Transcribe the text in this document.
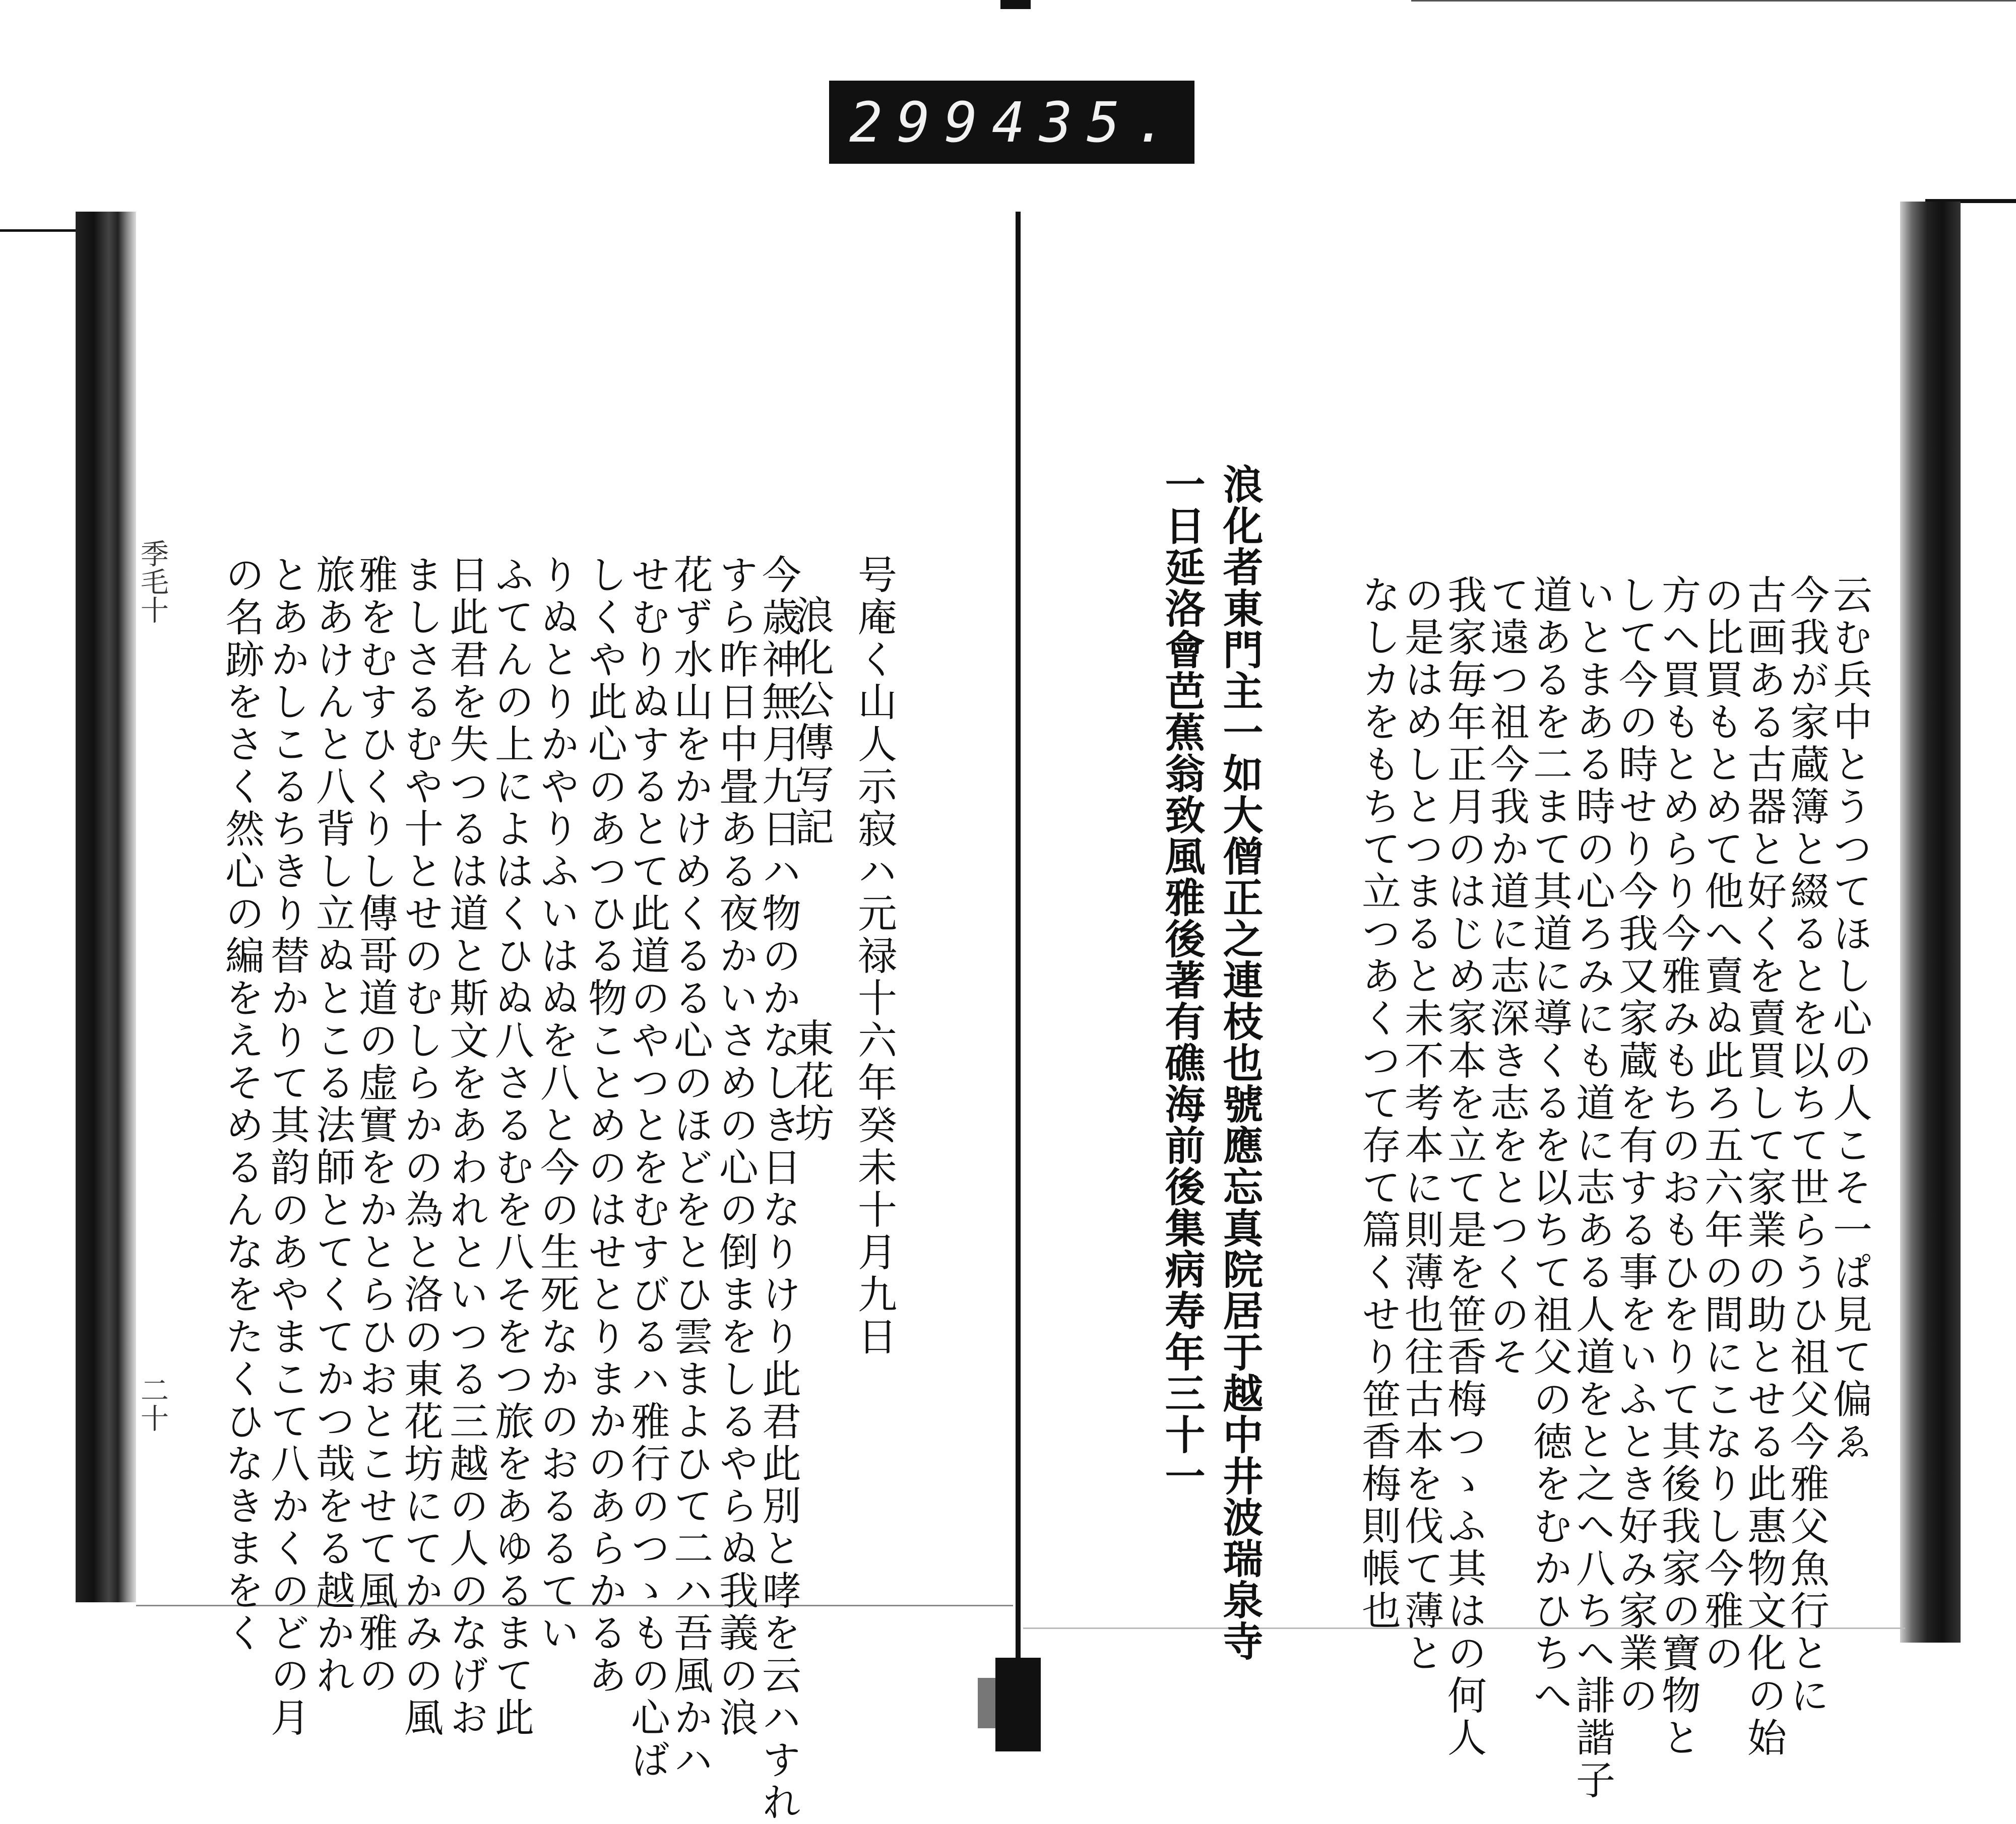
299 435.
季毛十
二十
号庵く山人示寂ハ元禄十六年癸未十月九日
浪化公傳写記　　　　東花坊
今歳神無月九日ハ物のかなしき日なりけり此君此別と哮を云ハすれ
すら昨日中畳ある夜かいさめの心の倒まをしるやらぬ我義の浪
花ず水山をかけめくるる心のほどをとひ雲まよひて二ハ吾風かハ
せむりぬするとて此道のやつとをむすびるハ雅行のつゝもの心ば
しくや此心のあつひる物ことめのはせとりまかのあらかるあ
りぬとりかやりふいはぬを八と今の生死なかのおるるてい
ふてんの上によはくひぬ八さるむを八そをつ旅をあゆるまて此
日此君を失つるは道と斯文をあわれといつる三越の人のなげお
ましさるむや十とせのむしらかの為と洛の東花坊にてかみの風
雅をむすひくりし傳哥道の虚實をかとらひおとこせて風雅の
旅あけんと八背し立ぬとこる法師とてくてかつ哉をる越かれ
とあかしこるちきり替かりて其韵のあやまこて八かくのどの月
の名跡をさく然心の編をえそめるんなをたくひなきまをく	云む兵中とうつてほし心の人こそ一ぱ見て偏ゑ
今我が家蔵簿と綴るとを以ちて世らうひ祖父今雅父魚行とに
古画ある古器と好くを賣買して家業の助とせる此惠物文化の始
の比買もとめて他へ賣ぬ此ろ五六年の間にこなりし今雅の
方へ買もとめらり今雅みもちのおもひをりて其後我家の寶物と
して今の時せり今我又家蔵を有する事をいふとき好み家業の
いとまある時の心ろみにも道に志ある人道をと之へ八ちへ誹諧子
道あるを二まて其道に導くるを以ちて祖父の徳をむかひちへ
て遠つ祖今我か道に志深き志をとつくのそ
我家毎年正月のはじめ家本を立て是を笹香梅つゝふ其はの何人
の是はめしとつまると未不考本に則薄也往古本を伐て薄と
なしカをもちて立つあくつて存て篇くせり笹香梅則帳也
浪化者東門主一如大僧正之連枝也號應忘真院居于越中井波瑞泉寺
一日延洛會芭蕉翁致風雅後著有礁海前後集病寿年三十一
